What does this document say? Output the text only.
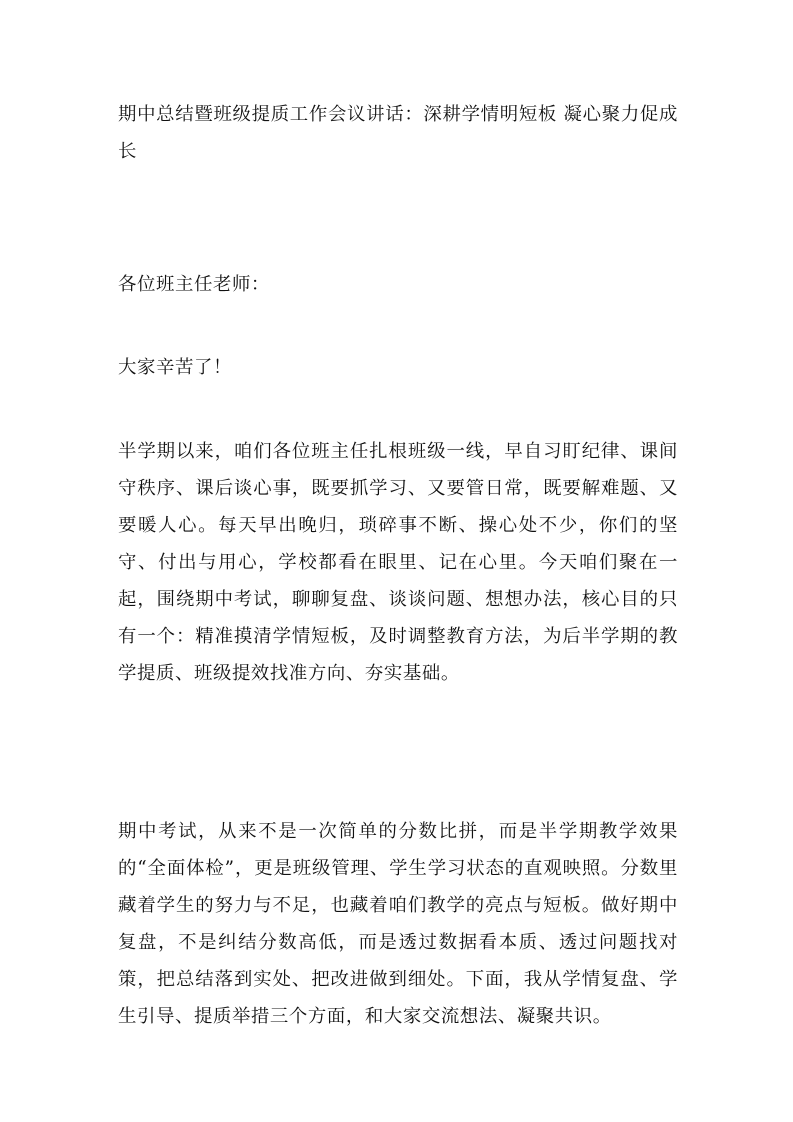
期中总结暨班级提质工作会议讲话：深耕学情明短板 凝心聚力促成长

各位班主任老师：

大家辛苦了！

半学期以来，咱们各位班主任扎根班级一线，早自习盯纪律、课间守秩序、课后谈心事，既要抓学习、又要管日常，既要解难题、又要暖人心。每天早出晚归，琐碎事不断、操心处不少，你们的坚守、付出与用心，学校都看在眼里、记在心里。今天咱们聚在一起，围绕期中考试，聊聊复盘、谈谈问题、想想办法，核心目的只有一个：精准摸清学情短板，及时调整教育方法，为后半学期的教学提质、班级提效找准方向、夯实基础。

期中考试，从来不是一次简单的分数比拼，而是半学期教学效果的“全面体检”，更是班级管理、学生学习状态的直观映照。分数里藏着学生的努力与不足，也藏着咱们教学的亮点与短板。做好期中复盘，不是纠结分数高低，而是透过数据看本质、透过问题找对策，把总结落到实处、把改进做到细处。下面，我从学情复盘、学生引导、提质举措三个方面，和大家交流想法、凝聚共识。
